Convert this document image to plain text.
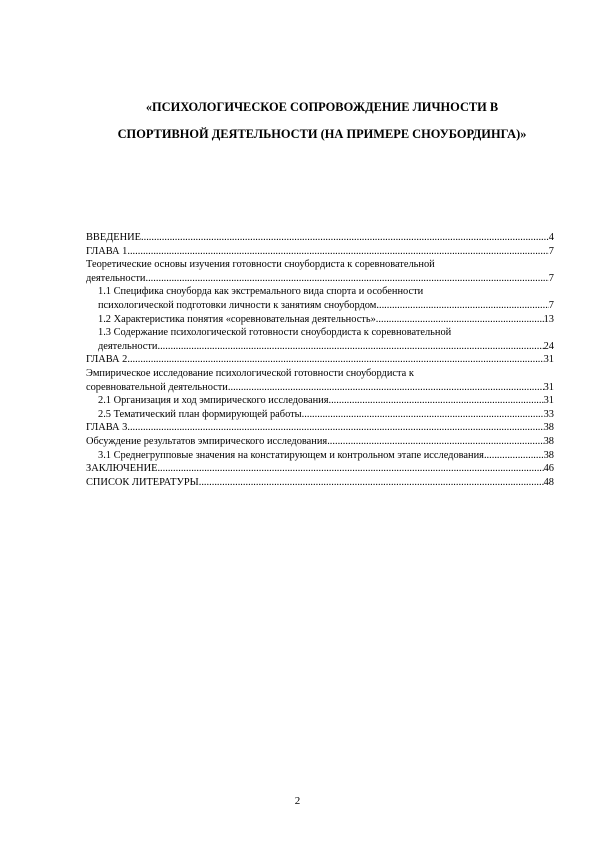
«ПСИХОЛОГИЧЕСКОЕ СОПРОВОЖДЕНИЕ ЛИЧНОСТИ В
СПОРТИВНОЙ ДЕЯТЕЛЬНОСТИ (НА ПРИМЕРЕ СНОУБОРДИНГА)»
ВВЕДЕНИЕ .....	4
ГЛАВА 1 .....	7
Теоретические основы изучения готовности сноубордиста к соревновательной
деятельности .....	7
1.1 Специфика сноуборда как экстремального вида спорта и особенности
психологической подготовки личности к занятиям сноубордом .....	7
1.2 Характеристика понятия «соревновательная деятельность» .....	13
1.3 Содержание психологической готовности сноубордиста к соревновательной
деятельности .....	24
ГЛАВА 2 .....	31
Эмпирическое исследование психологической готовности сноубордиста к
соревновательной деятельности .....	31
2.1 Организация и ход эмпирического исследования .....	31
2.5 Тематический план формирующей работы .....	33
ГЛАВА 3 .....	38
Обсуждение результатов эмпирического исследования .....	38
3.1 Среднегрупповые значения на констатирующем и контрольном этапе исследования .....	38
ЗАКЛЮЧЕНИЕ .....	46
СПИСОК ЛИТЕРАТУРЫ .....	48
2
